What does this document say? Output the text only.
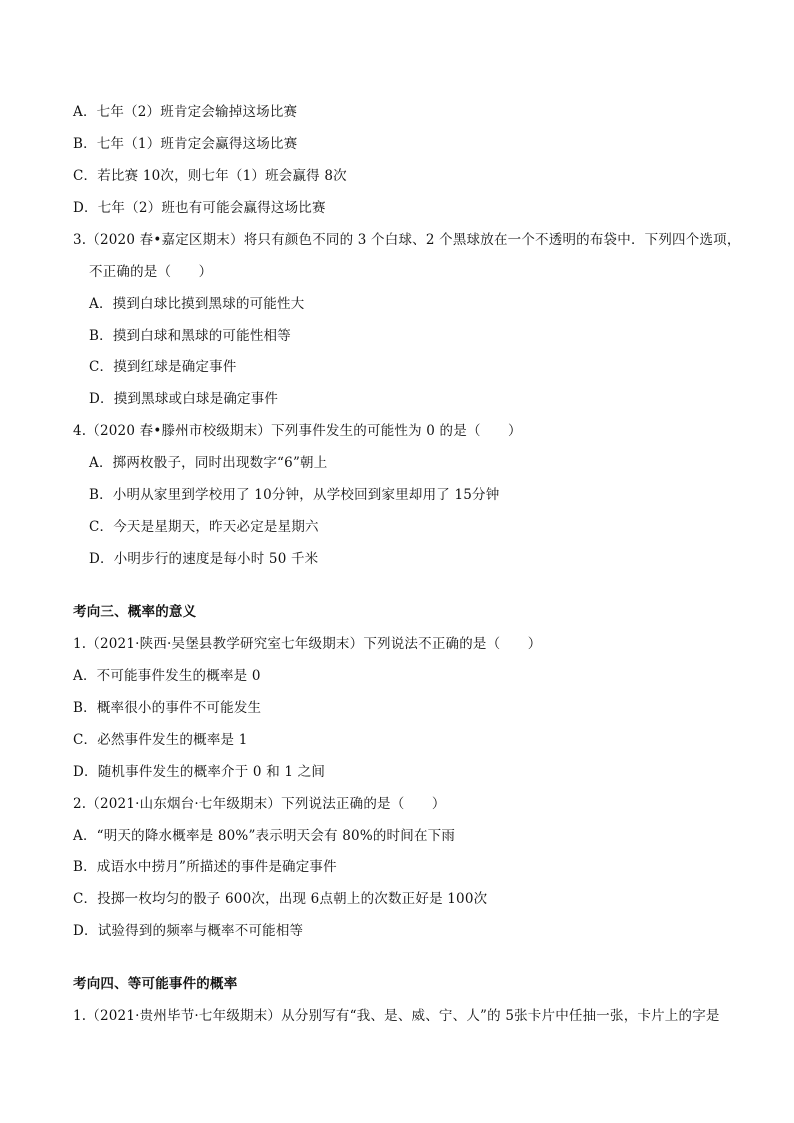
A．七年（2）班肯定会输掉这场比赛
B．七年（1）班肯定会赢得这场比赛
C．若比赛 10次，则七年（1）班会赢得 8次
D．七年（2）班也有可能会赢得这场比赛
3.（2020 春•嘉定区期末）将只有颜色不同的 3 个白球、2 个黑球放在一个不透明的布袋中．下列四个选项，
不正确的是（　　）
A．摸到白球比摸到黑球的可能性大
B．摸到白球和黑球的可能性相等
C．摸到红球是确定事件
D．摸到黑球或白球是确定事件
4.（2020 春•滕州市校级期末）下列事件发生的可能性为 0 的是（　　）
A．掷两枚骰子，同时出现数字“6”朝上
B．小明从家里到学校用了 10分钟，从学校回到家里却用了 15分钟
C．今天是星期天，昨天必定是星期六
D．小明步行的速度是每小时 50 千米
考向三、概率的意义
1.（2021·陕西·吴堡县教学研究室七年级期末）下列说法不正确的是（　　）
A．不可能事件发生的概率是 0
B．概率很小的事件不可能发生
C．必然事件发生的概率是 1
D．随机事件发生的概率介于 0 和 1 之间
2.（2021·山东烟台·七年级期末）下列说法正确的是（　　）
A．“明天的降水概率是 80%”表示明天会有 80%的时间在下雨
B．成语水中捞月”所描述的事件是确定事件
C．投掷一枚均匀的骰子 600次，出现 6点朝上的次数正好是 100次
D．试验得到的频率与概率不可能相等
考向四、等可能事件的概率
1.（2021·贵州毕节·七年级期末）从分别写有“我、是、威、宁、人”的 5张卡片中任抽一张，卡片上的字是
